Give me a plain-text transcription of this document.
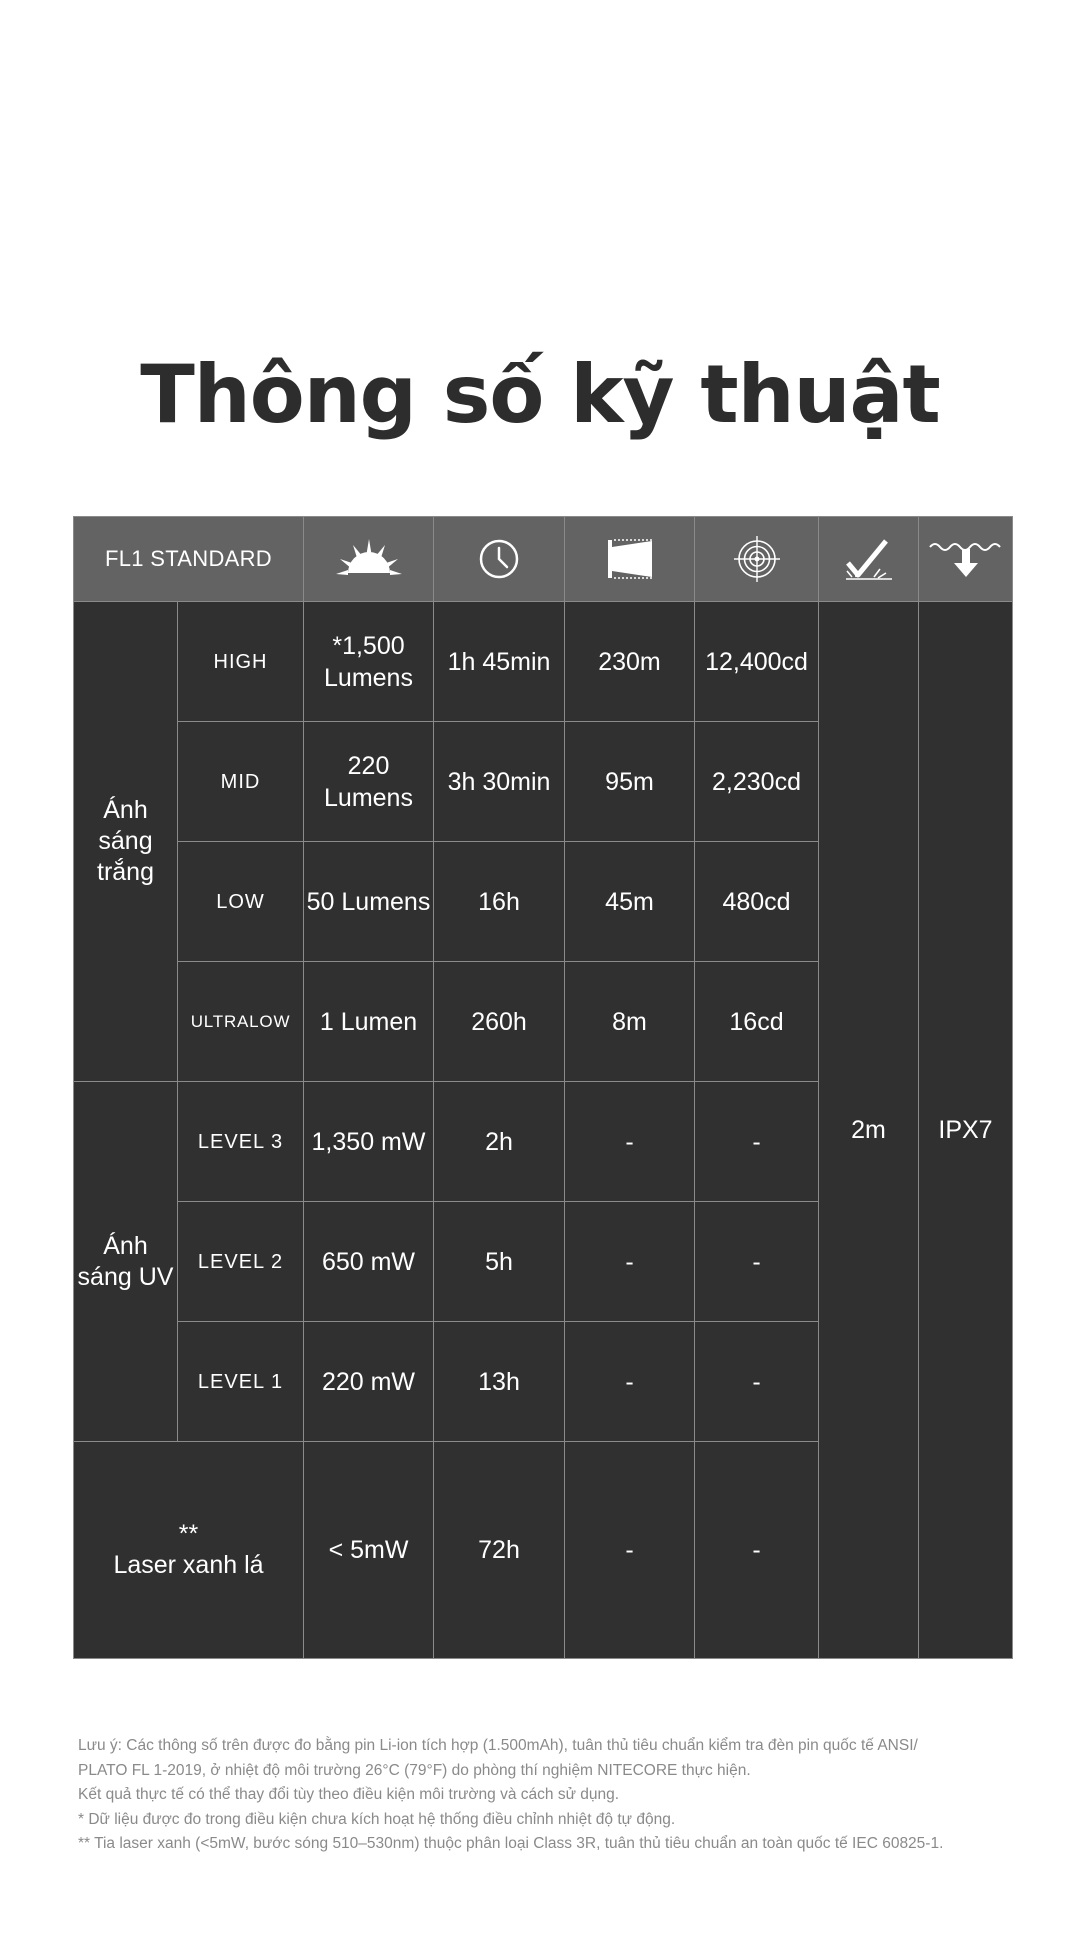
Thông số kỹ thuật
FL1 STANDARD	

Ánh sáng trắng	HIGH	*1,500 Lumens	1h 45min	230m	12,400cd	2m	IPX7
	MID	220 Lumens	3h 30min	95m	2,230cd		
	LOW	50 Lumens	16h	45m	480cd		
	ULTRALOW	1 Lumen	260h	8m	16cd		
Ánh sáng UV	LEVEL 3	1,350 mW	2h	-	-		
	LEVEL 2	650 mW	5h	-	-		
	LEVEL 1	220 mW	13h	-	-		

**
Laser xanh lá		< 5mW	72h	-	-		
Lưu ý: Các thông số trên được đo bằng pin Li-ion tích hợp (1.500mAh), tuân thủ tiêu chuẩn kiểm tra đèn pin quốc tế ANSI/
PLATO FL 1-2019, ở nhiệt độ môi trường 26°C (79°F) do phòng thí nghiệm NITECORE thực hiện.
Kết quả thực tế có thể thay đổi tùy theo điều kiện môi trường và cách sử dụng.
* Dữ liệu được đo trong điều kiện chưa kích hoạt hệ thống điều chỉnh nhiệt độ tự động.
** Tia laser xanh (<5mW, bước sóng 510–530nm) thuộc phân loại Class 3R, tuân thủ tiêu chuẩn an toàn quốc tế IEC 60825-1.
